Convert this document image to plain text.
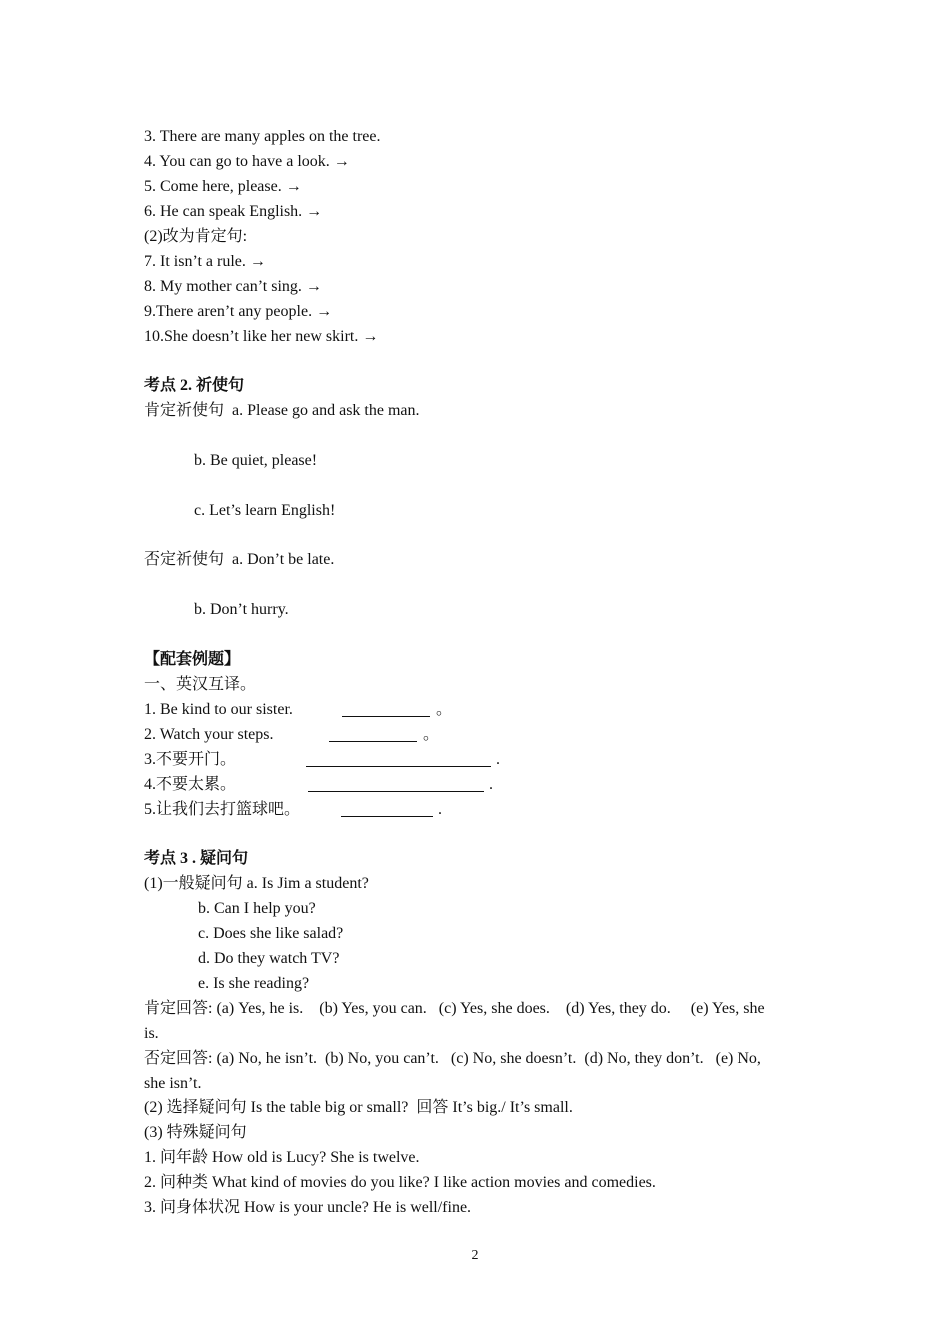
3. There are many apples on the tree.
4. You can go to have a look. →
5. Come here, please. →
6. He can speak English. →
(2)改为肯定句:
7. It isn’t a rule. →
8. My mother can’t sing. →
9.There aren’t any people. →
10.She doesn’t like her new skirt. →
考点 2. 祈使句
肯定祈使句 a. Please go and ask the man.
b. Be quiet, please!
c. Let’s learn English!
否定祈使句 a. Don’t be late.
b. Don’t hurry.
【配套例题】
一、英汉互译。
1. Be kind to our sister.	。
2. Watch your steps.	。
3.不要开门。	.
4.不要太累。	.
5.让我们去打篮球吧。	.
考点 3 . 疑问句
(1)一般疑问句 a. Is Jim a student?
b. Can I help you?
c. Does she like salad?
d. Do they watch TV?
e. Is she reading?
肯定回答: (a) Yes, he is.    (b) Yes, you can.   (c) Yes, she does.    (d) Yes, they do.     (e) Yes, she
is.
否定回答: (a) No, he isn’t.  (b) No, you can’t.   (c) No, she doesn’t.  (d) No, they don’t.   (e) No,
she isn’t.
(2) 选择疑问句 Is the table big or small?  回答 It’s big./ It’s small.
(3) 特殊疑问句
1. 问年龄 How old is Lucy? She is twelve.
2. 问种类 What kind of movies do you like? I like action movies and comedies.
3. 问身体状况 How is your uncle? He is well/fine.
2
